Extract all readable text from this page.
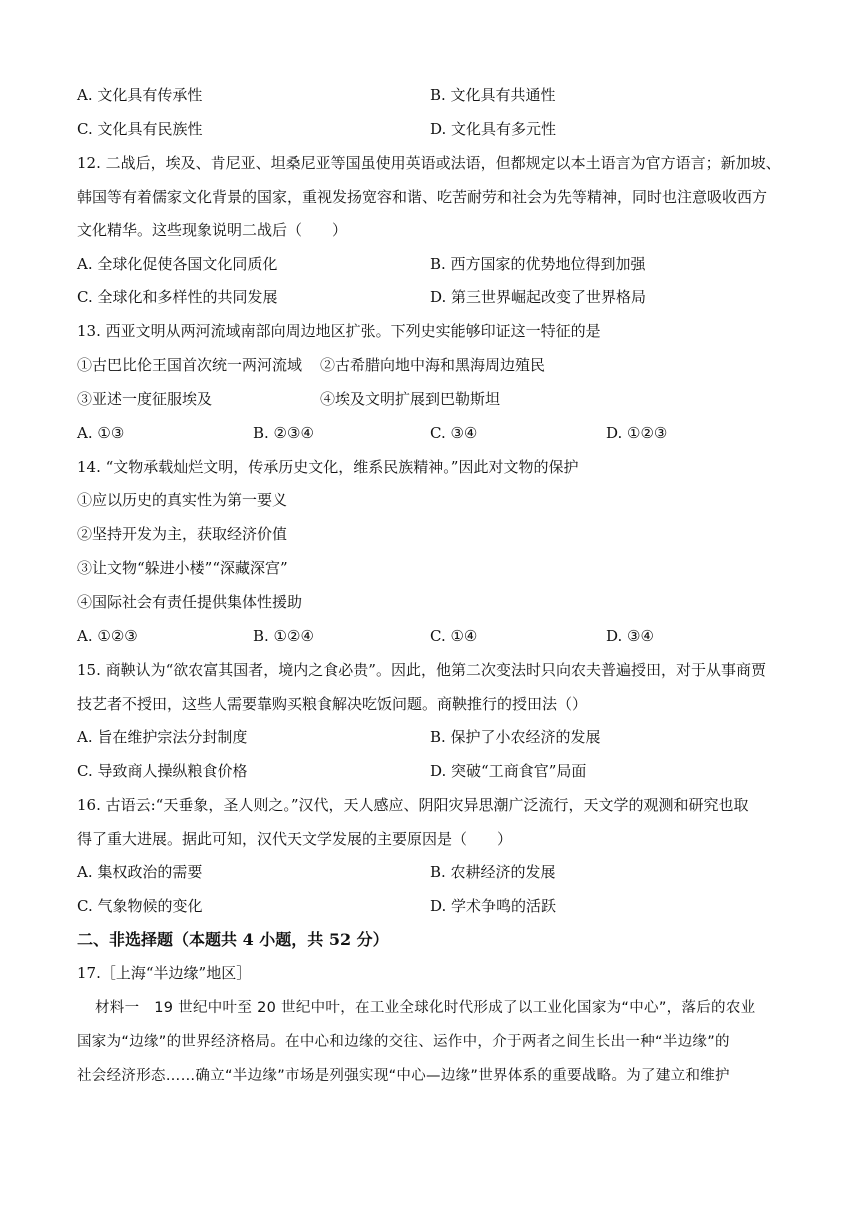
A. 文化具有传承性	B. 文化具有共通性
C. 文化具有民族性	D. 文化具有多元性
12. 二战后，埃及、肯尼亚、坦桑尼亚等国虽使用英语或法语，但都规定以本土语言为官方语言；新加坡、
韩国等有着儒家文化背景的国家，重视发扬宽容和谐、吃苦耐劳和社会为先等精神，同时也注意吸收西方
文化精华。这些现象说明二战后（　　）
A. 全球化促使各国文化同质化	B. 西方国家的优势地位得到加强
C. 全球化和多样性的共同发展	D. 第三世界崛起改变了世界格局
13. 西亚文明从两河流域南部向周边地区扩张。下列史实能够印证这一特征的是
①古巴比伦王国首次统一两河流域 ②古希腊向地中海和黑海周边殖民
③亚述一度征服埃及	④埃及文明扩展到巴勒斯坦
A. ①③	B. ②③④	C. ③④	D. ①②③
14. “文物承载灿烂文明，传承历史文化，维系民族精神。”因此对文物的保护
①应以历史的真实性为第一要义
②坚持开发为主，获取经济价值
③让文物“躲进小楼”“深藏深宫”
④国际社会有责任提供集体性援助
A. ①②③	B. ①②④	C. ①④	D. ③④
15. 商鞅认为“欲农富其国者，境内之食必贵”。因此，他第二次变法时只向农夫普遍授田，对于从事商贾
技艺者不授田，这些人需要靠购买粮食解决吃饭问题。商鞅推行的授田法（）
A. 旨在维护宗法分封制度	B. 保护了小农经济的发展
C. 导致商人操纵粮食价格	D. 突破“工商食官”局面
16. 古语云:“天垂象，圣人则之。”汉代，天人感应、阴阳灾异思潮广泛流行，天文学的观测和研究也取
得了重大进展。据此可知，汉代天文学发展的主要原因是（　　）
A. 集权政治的需要	B. 农耕经济的发展
C. 气象物候的变化	D. 学术争鸣的活跃
二、非选择题（本题共 4 小题，共 52 分）
17.［上海“半边缘”地区］
材料一　19 世纪中叶至 20 世纪中叶，在工业全球化时代形成了以工业化国家为“中心”，落后的农业
国家为“边缘”的世界经济格局。在中心和边缘的交往、运作中，介于两者之间生长出一种“半边缘”的
社会经济形态……确立“半边缘”市场是列强实现“中心—边缘”世界体系的重要战略。为了建立和维护
